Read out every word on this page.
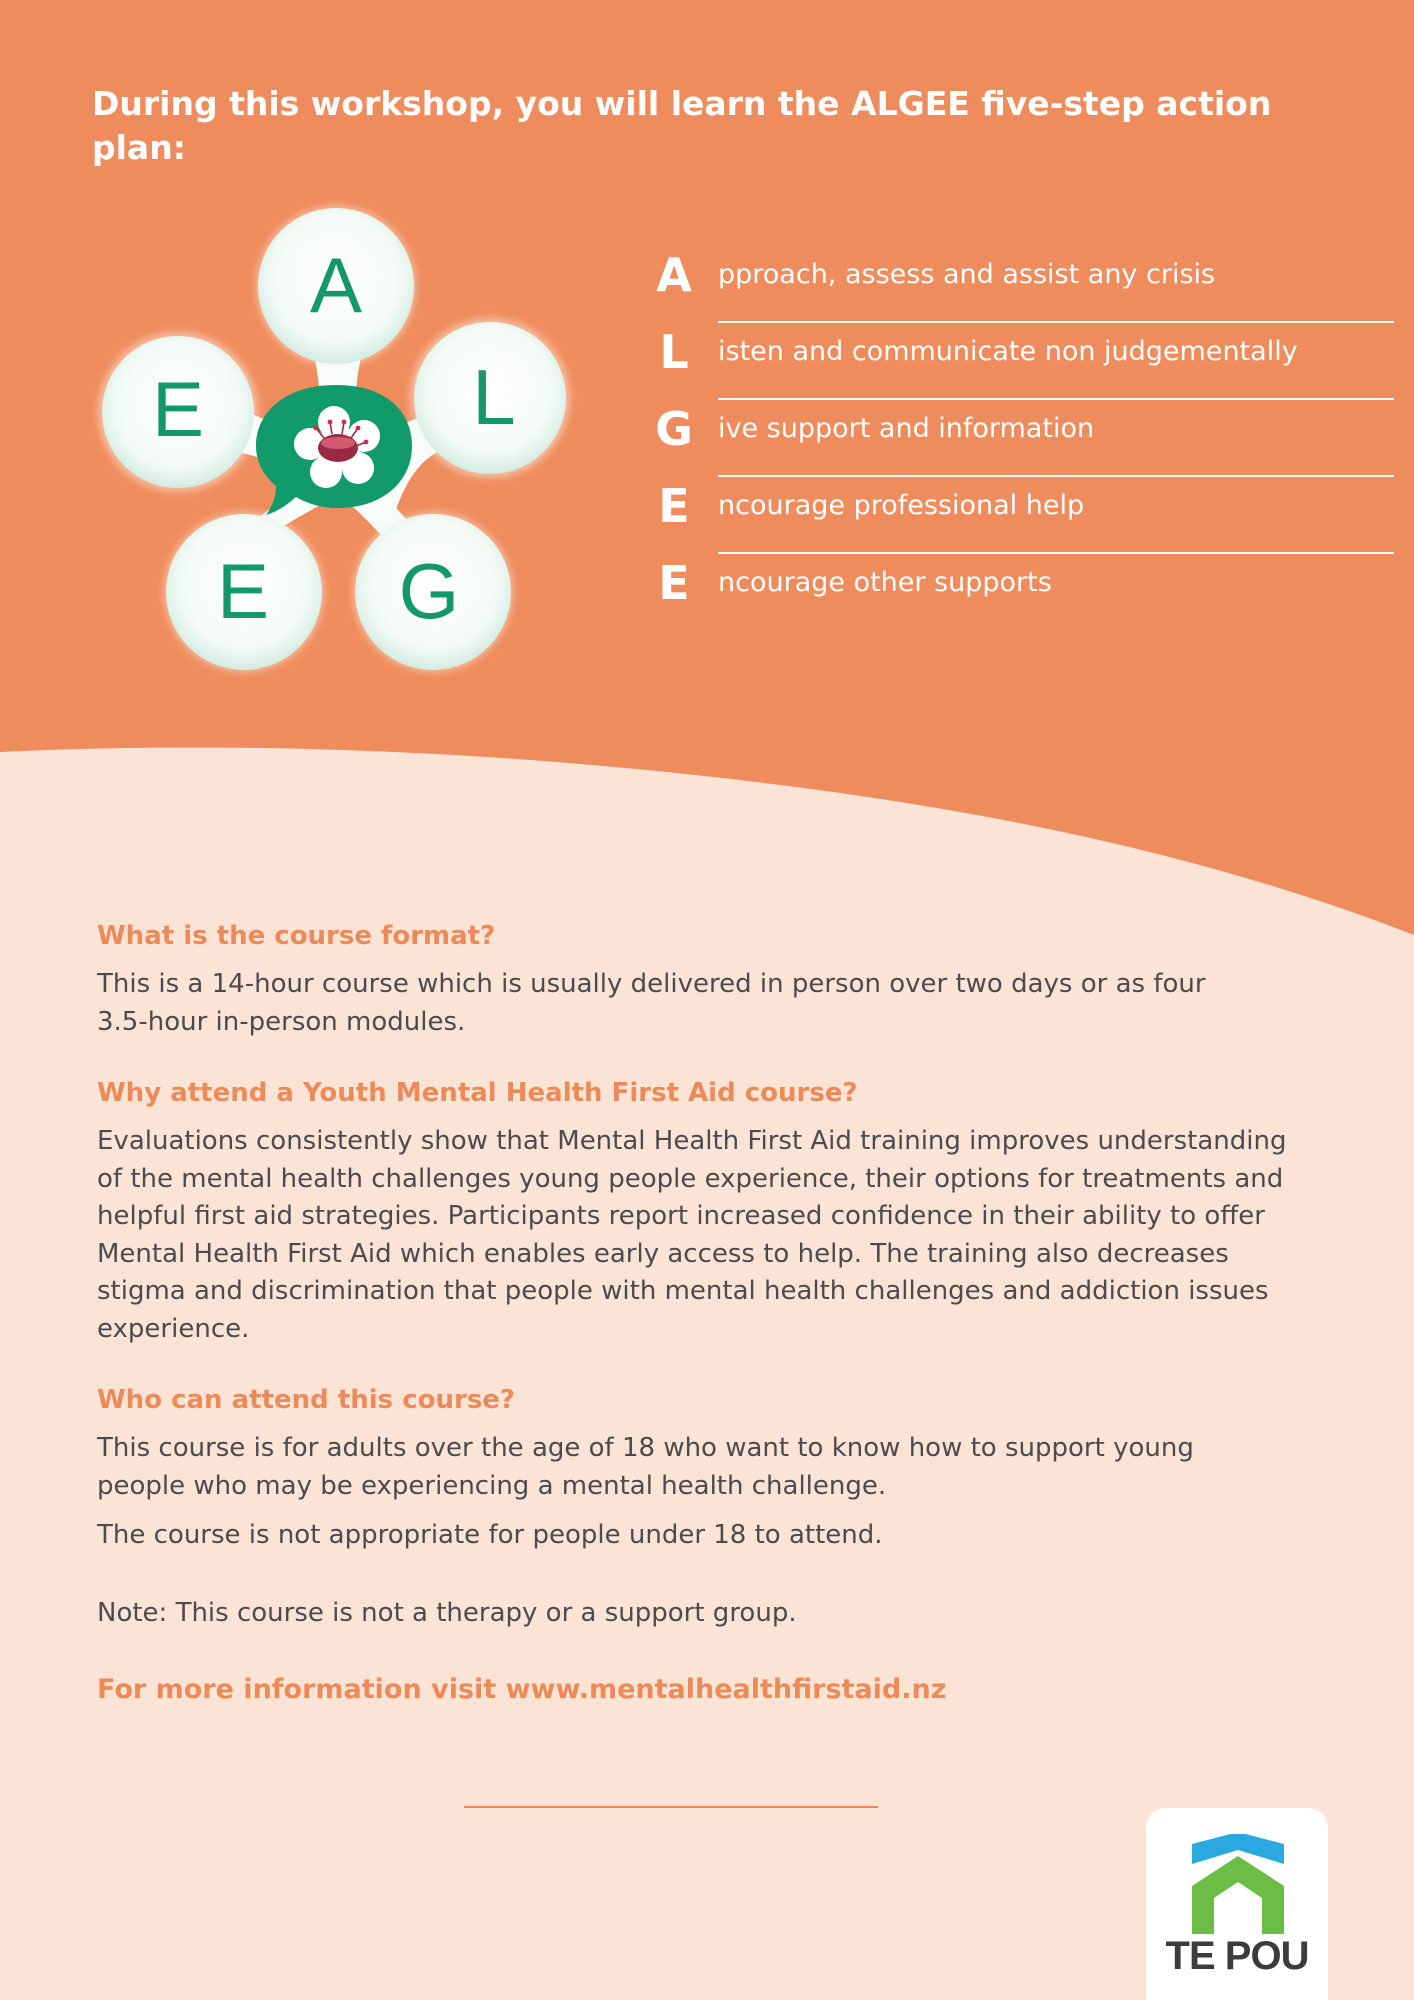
During this workshop, you will learn the ALGEE five-step action plan:
A
L
G
E
E
A pproach, assess and assist any crisis
L isten and communicate non judgementally
G ive support and information
E ncourage professional help
E ncourage other supports
What is the course format?

This is a 14-hour course which is usually delivered in person over two days or as four

3.5-hour in-person modules.

Why attend a Youth Mental Health First Aid course?

Evaluations consistently show that Mental Health First Aid training improves understanding

of the mental health challenges young people experience, their options for treatments and

helpful first aid strategies. Participants report increased confidence in their ability to offer

Mental Health First Aid which enables early access to help. The training also decreases

stigma and discrimination that people with mental health challenges and addiction issues

experience.

Who can attend this course?

This course is for adults over the age of 18 who want to know how to support young

people who may be experiencing a mental health challenge.

The course is not appropriate for people under 18 to attend.

Note: This course is not a therapy or a support group.

For more information visit www.mentalhealthfirstaid.nz

TE POU
